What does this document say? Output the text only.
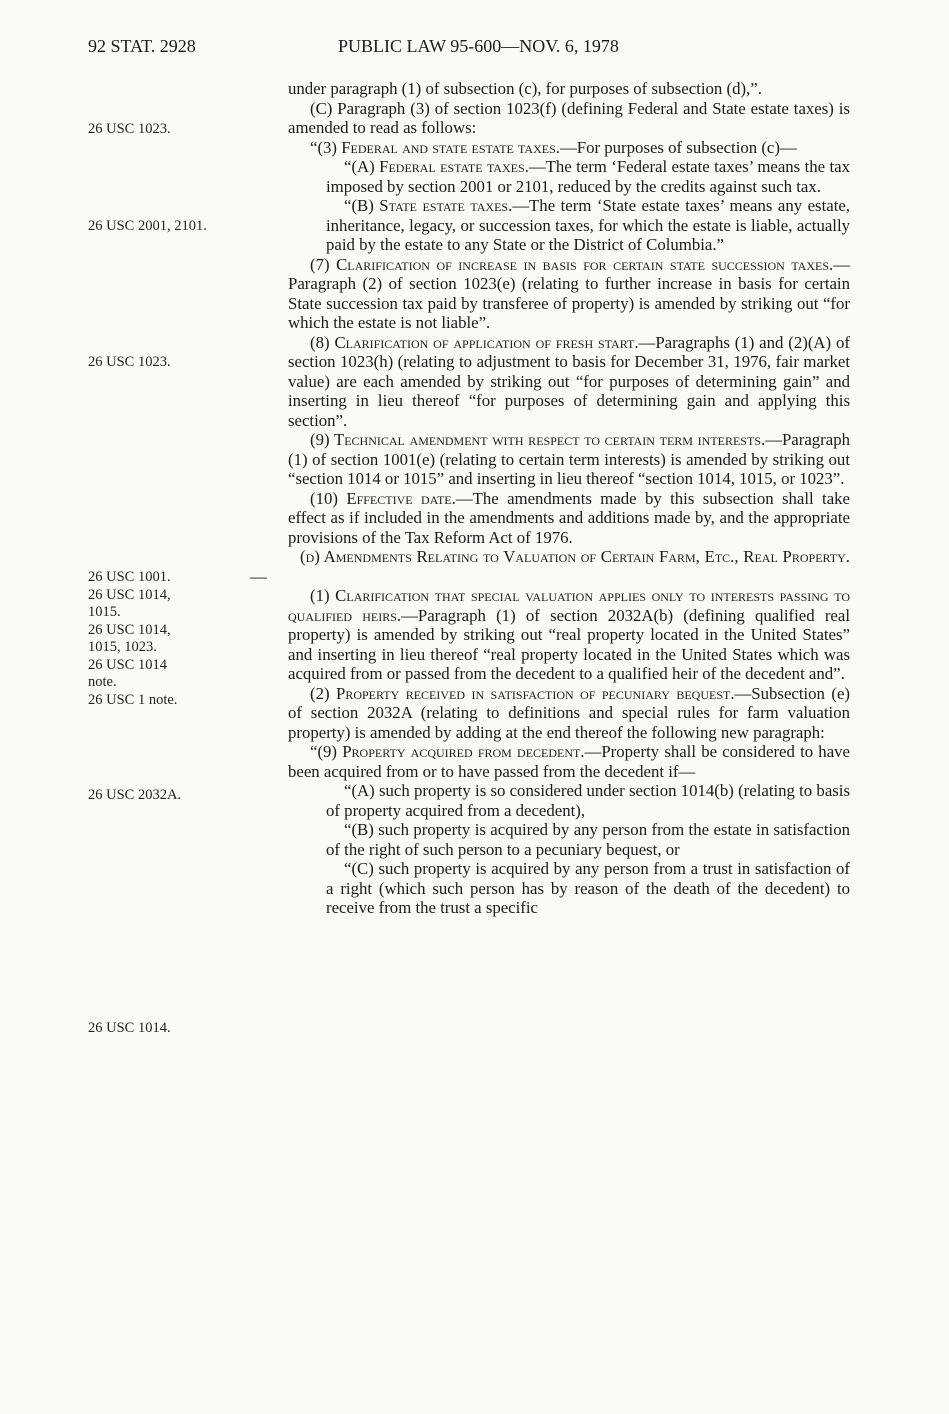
92 STAT. 2928	PUBLIC LAW 95-600—NOV. 6, 1978
26 USC 1023.
26 USC 2001, 2101.
26 USC 1023.
26 USC 1001.
26 USC 1014, 1015.
26 USC 1014, 1015, 1023.
26 USC 1014 note.
26 USC 1 note.
26 USC 2032A.
26 USC 1014.

under paragraph (1) of subsection (c), for purposes of subsection (d),”.

(C) Paragraph (3) of section 1023(f) (defining Federal and State estate taxes) is amended to read as follows:

“(3) Federal and state estate taxes.—For purposes of subsection (c)—

“(A) Federal estate taxes.—The term ‘Federal estate taxes’ means the tax imposed by section 2001 or 2101, reduced by the credits against such tax.

“(B) State estate taxes.—The term ‘State estate taxes’ means any estate, inheritance, legacy, or succession taxes, for which the estate is liable, actually paid by the estate to any State or the District of Columbia.”

(7) Clarification of increase in basis for certain state succession taxes.—Paragraph (2) of section 1023(e) (relating to further increase in basis for certain State succession tax paid by transferee of property) is amended by striking out “for which the estate is not liable”.

(8) Clarification of application of fresh start.—Paragraphs (1) and (2)(A) of section 1023(h) (relating to adjustment to basis for December 31, 1976, fair market value) are each amended by striking out “for purposes of determining gain” and inserting in lieu thereof “for purposes of determining gain and applying this section”.

(9) Technical amendment with respect to certain term interests.—Paragraph (1) of section 1001(e) (relating to certain term interests) is amended by striking out “section 1014 or 1015” and inserting in lieu thereof “section 1014, 1015, or 1023”.

(10) Effective date.—The amendments made by this subsection shall take effect as if included in the amendments and additions made by, and the appropriate provisions of the Tax Reform Act of 1976.

(d) Amendments Relating to Valuation of Certain Farm, Etc., Real Property.—

(1) Clarification that special valuation applies only to interests passing to qualified heirs.—Paragraph (1) of section 2032A(b) (defining qualified real property) is amended by striking out “real property located in the United States” and inserting in lieu thereof “real property located in the United States which was acquired from or passed from the decedent to a qualified heir of the decedent and”.

(2) Property received in satisfaction of pecuniary bequest.—Subsection (e) of section 2032A (relating to definitions and special rules for farm valuation property) is amended by adding at the end thereof the following new paragraph:

“(9) Property acquired from decedent.—Property shall be considered to have been acquired from or to have passed from the decedent if—

“(A) such property is so considered under section 1014(b) (relating to basis of property acquired from a decedent),

“(B) such property is acquired by any person from the estate in satisfaction of the right of such person to a pecuniary bequest, or

“(C) such property is acquired by any person from a trust in satisfaction of a right (which such person has by reason of the death of the decedent) to receive from the trust a specific
